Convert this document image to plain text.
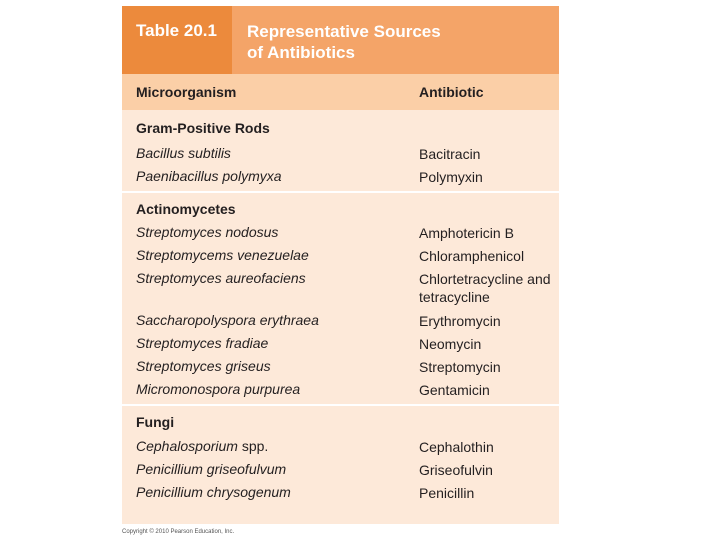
Table 20.1 Representative Sources
of Antibiotics
Microorganism	Antibiotic
Gram-Positive Rods
Bacillus subtilis	Bacitracin
Paenibacillus polymyxa	Polymyxin
Actinomycetes
Streptomyces nodosus	Amphotericin B
Streptomycems venezuelae	Chloramphenicol
Streptomyces aureofaciens	Chlortetracycline and
tetracycline
Saccharopolyspora erythraea	Erythromycin
Streptomyces fradiae	Neomycin
Streptomyces griseus	Streptomycin
Micromonospora purpurea	Gentamicin
Fungi
Cephalosporium spp.	Cephalothin
Penicillium griseofulvum	Griseofulvin
Penicillium chrysogenum	Penicillin
Copyright © 2010 Pearson Education, Inc.
